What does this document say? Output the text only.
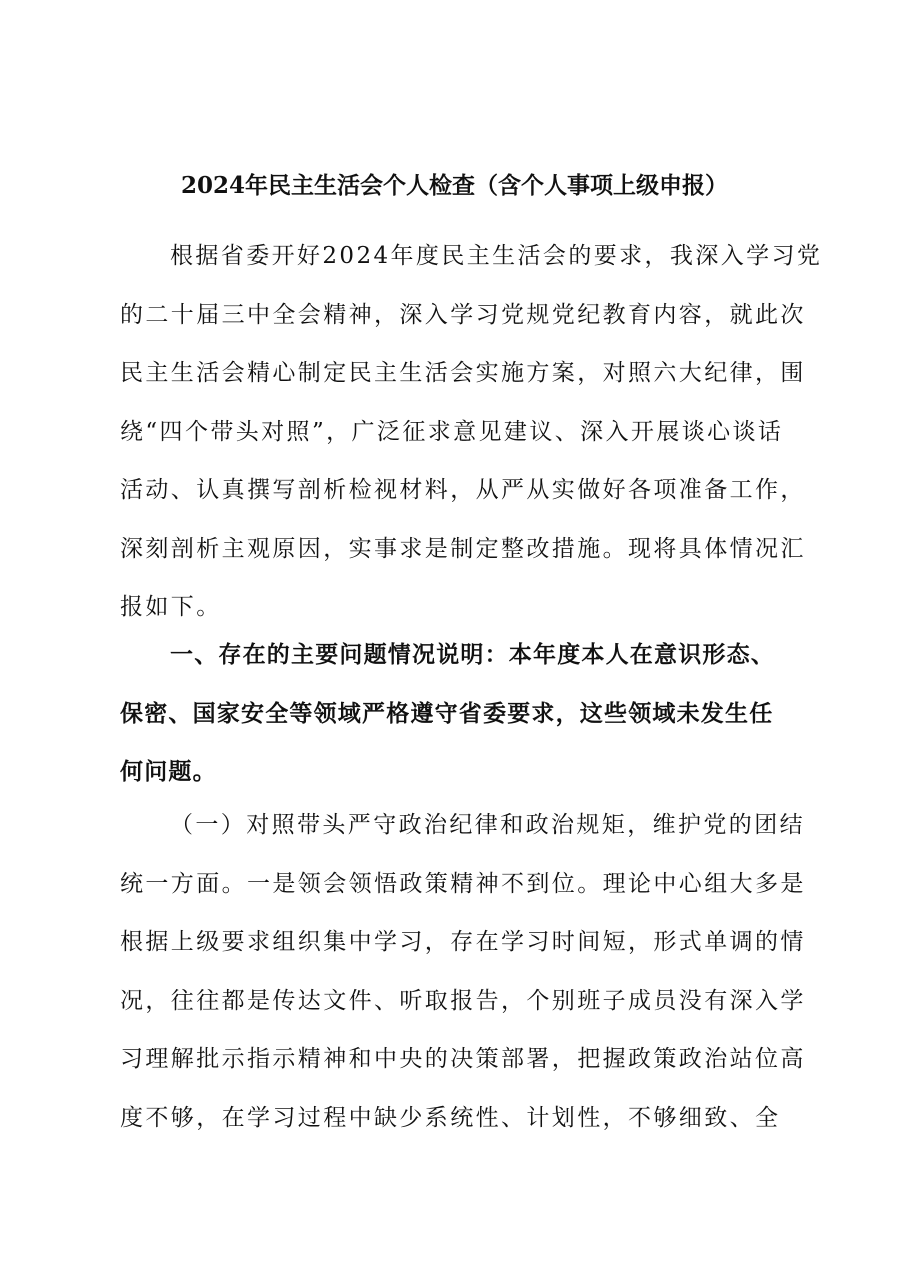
2024年民主生活会个人检查（含个人事项上级申报）
根据省委开好2024年度民主生活会的要求，我深入学习党
的二十届三中全会精神，深入学习党规党纪教育内容，就此次
民主生活会精心制定民主生活会实施方案，对照六大纪律，围
绕“四个带头对照”，广泛征求意见建议、深入开展谈心谈话
活动、认真撰写剖析检视材料，从严从实做好各项准备工作，
深刻剖析主观原因，实事求是制定整改措施。现将具体情况汇
报如下。
一、存在的主要问题情况说明：本年度本人在意识形态、
保密、国家安全等领域严格遵守省委要求，这些领域未发生任
何问题。
（一）对照带头严守政治纪律和政治规矩，维护党的团结
统一方面。一是领会领悟政策精神不到位。理论中心组大多是
根据上级要求组织集中学习，存在学习时间短，形式单调的情
况，往往都是传达文件、听取报告，个别班子成员没有深入学
习理解批示指示精神和中央的决策部署，把握政策政治站位高
度不够，在学习过程中缺少系统性、计划性，不够细致、全
